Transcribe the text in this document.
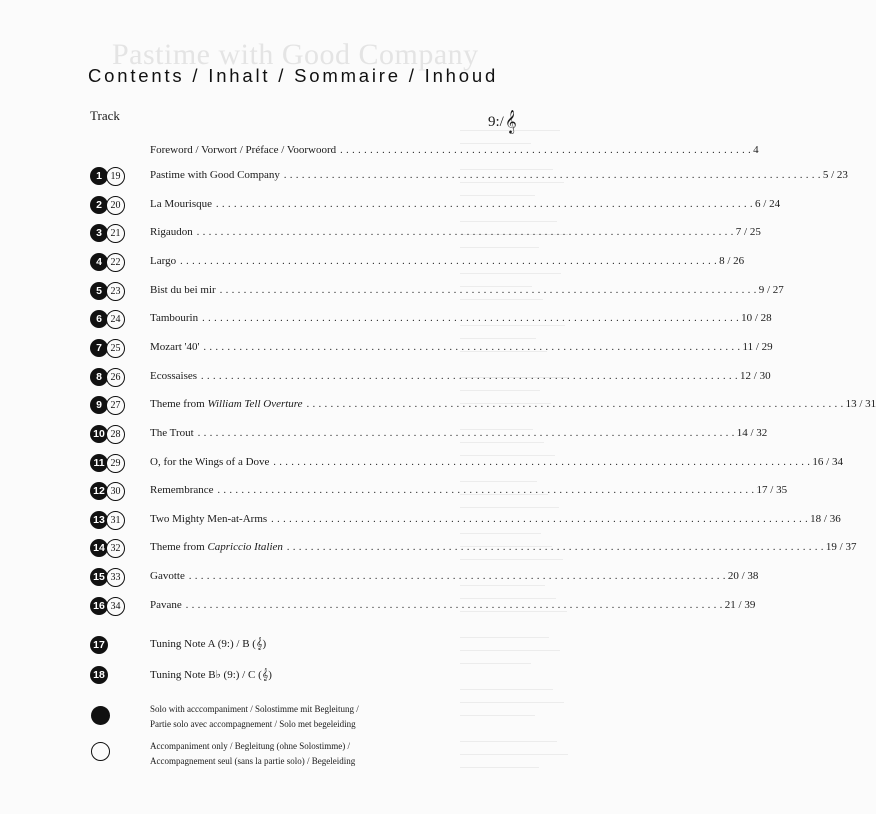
Pastime with Good Company
Contents / Inhalt / Sommaire / Inhoud
Track	9:/𝄞
Foreword / Vorwort / Préface / Voorwoord . . . . . . . . . . . . . . . . . . . . . . . . . . . . . . . . . . . . . . . . . . . . . . . . . . . . . . . . . . . . . . . . . . . . . 4
1 19	Pastime with Good Company . . . . . . . . . . . . . . . . . . . . . . . . . . . . . . . . . . . . . . . . . . . . . . . . . . . . . . . . . . . . . . . . . . . . . . . . . . . . . . . . . . . . . . . . . . 5 / 23
2 20	La Mourisque . . . . . . . . . . . . . . . . . . . . . . . . . . . . . . . . . . . . . . . . . . . . . . . . . . . . . . . . . . . . . . . . . . . . . . . . . . . . . . . . . . . . . . . . . . 6 / 24
3 21	Rigaudon . . . . . . . . . . . . . . . . . . . . . . . . . . . . . . . . . . . . . . . . . . . . . . . . . . . . . . . . . . . . . . . . . . . . . . . . . . . . . . . . . . . . . . . . . . 7 / 25
4 22	Largo . . . . . . . . . . . . . . . . . . . . . . . . . . . . . . . . . . . . . . . . . . . . . . . . . . . . . . . . . . . . . . . . . . . . . . . . . . . . . . . . . . . . . . . . . . 8 / 26
5 23	Bist du bei mir . . . . . . . . . . . . . . . . . . . . . . . . . . . . . . . . . . . . . . . . . . . . . . . . . . . . . . . . . . . . . . . . . . . . . . . . . . . . . . . . . . . . . . . . . . 9 / 27
6 24	Tambourin . . . . . . . . . . . . . . . . . . . . . . . . . . . . . . . . . . . . . . . . . . . . . . . . . . . . . . . . . . . . . . . . . . . . . . . . . . . . . . . . . . . . . . . . . . 10 / 28
7 25	Mozart '40' . . . . . . . . . . . . . . . . . . . . . . . . . . . . . . . . . . . . . . . . . . . . . . . . . . . . . . . . . . . . . . . . . . . . . . . . . . . . . . . . . . . . . . . . . . 11 / 29
8 26	Ecossaises . . . . . . . . . . . . . . . . . . . . . . . . . . . . . . . . . . . . . . . . . . . . . . . . . . . . . . . . . . . . . . . . . . . . . . . . . . . . . . . . . . . . . . . . . . 12 / 30
9 27	Theme from William Tell Overture . . . . . . . . . . . . . . . . . . . . . . . . . . . . . . . . . . . . . . . . . . . . . . . . . . . . . . . . . . . . . . . . . . . . . . . . . . . . . . . . . . . . . . . . . . 13 / 31
10 28	The Trout . . . . . . . . . . . . . . . . . . . . . . . . . . . . . . . . . . . . . . . . . . . . . . . . . . . . . . . . . . . . . . . . . . . . . . . . . . . . . . . . . . . . . . . . . . 14 / 32
11 29	O, for the Wings of a Dove . . . . . . . . . . . . . . . . . . . . . . . . . . . . . . . . . . . . . . . . . . . . . . . . . . . . . . . . . . . . . . . . . . . . . . . . . . . . . . . . . . . . . . . . . . 16 / 34
12 30	Remembrance . . . . . . . . . . . . . . . . . . . . . . . . . . . . . . . . . . . . . . . . . . . . . . . . . . . . . . . . . . . . . . . . . . . . . . . . . . . . . . . . . . . . . . . . . . 17 / 35
13 31	Two Mighty Men-at-Arms . . . . . . . . . . . . . . . . . . . . . . . . . . . . . . . . . . . . . . . . . . . . . . . . . . . . . . . . . . . . . . . . . . . . . . . . . . . . . . . . . . . . . . . . . . 18 / 36
14 32	Theme from Capriccio Italien . . . . . . . . . . . . . . . . . . . . . . . . . . . . . . . . . . . . . . . . . . . . . . . . . . . . . . . . . . . . . . . . . . . . . . . . . . . . . . . . . . . . . . . . . . 19 / 37
15 33	Gavotte . . . . . . . . . . . . . . . . . . . . . . . . . . . . . . . . . . . . . . . . . . . . . . . . . . . . . . . . . . . . . . . . . . . . . . . . . . . . . . . . . . . . . . . . . . 20 / 38
16 34	Pavane . . . . . . . . . . . . . . . . . . . . . . . . . . . . . . . . . . . . . . . . . . . . . . . . . . . . . . . . . . . . . . . . . . . . . . . . . . . . . . . . . . . . . . . . . . 21 / 39
17	Tuning Note A (9:) / B (𝄞)
18	Tuning Note B♭ (9:) / C (𝄞)
Solo with acccompaniment / Solostimme mit Begleitung /
Partie solo avec accompagnement / Solo met begeleiding
Accompaniment only / Begleitung (ohne Solostimme) /
Accompagnement seul (sans la partie solo) / Begeleiding
